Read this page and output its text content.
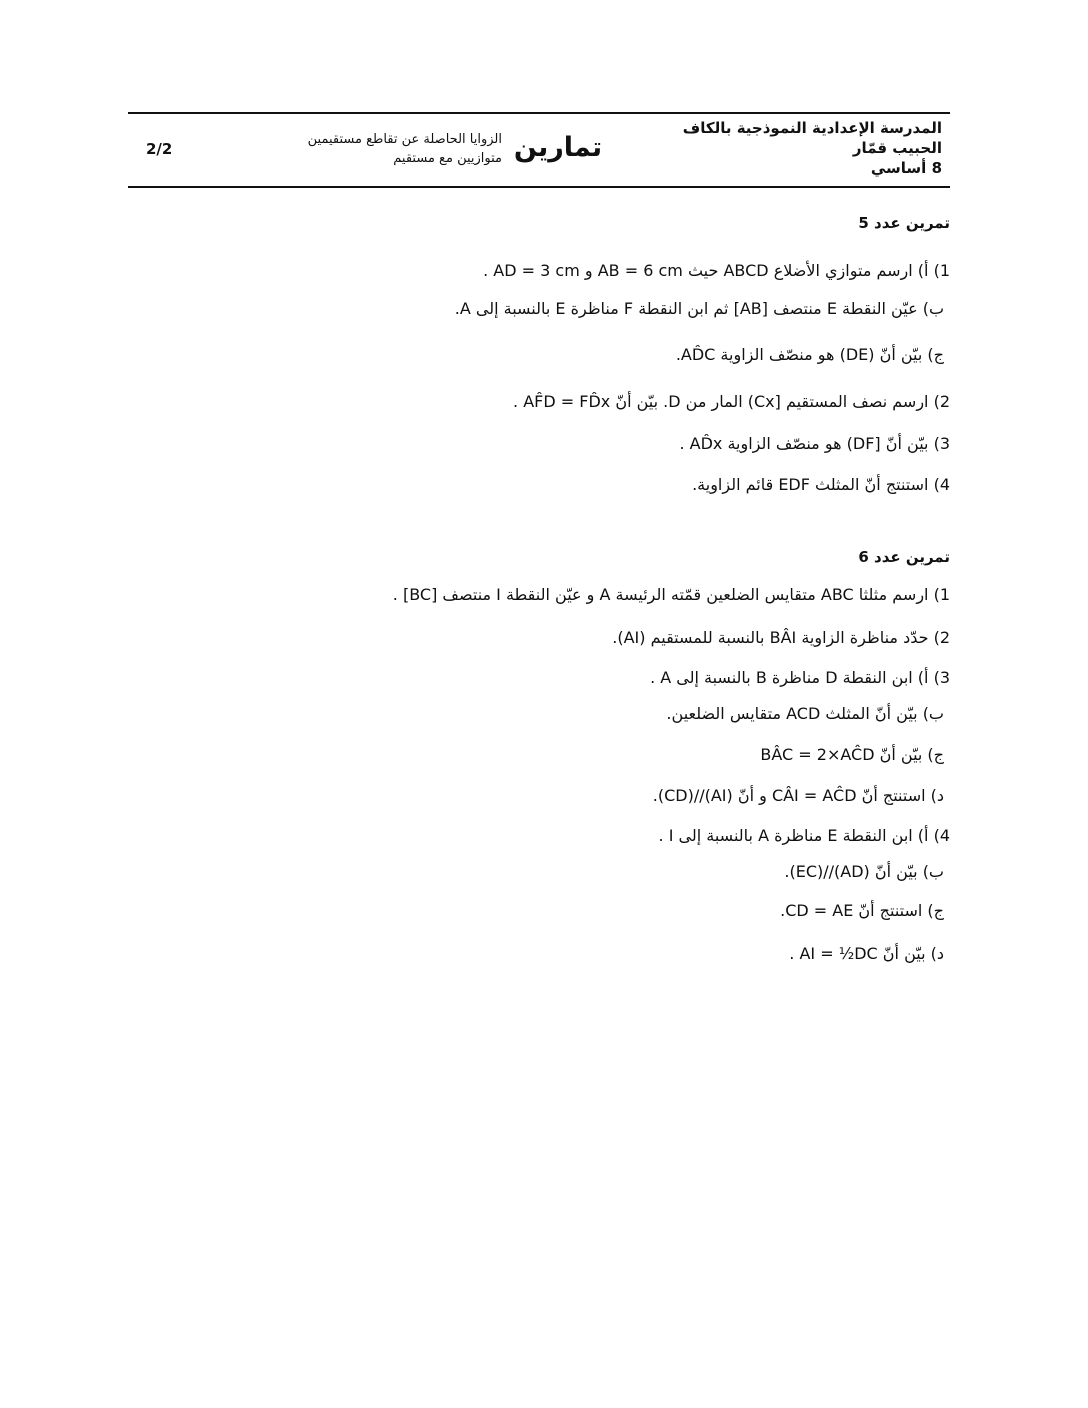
المدرسة الإعدادية النموذجية بالكاف
الحبيب قمّار
8 أساسي
تمارين
الزوايا الحاصلة عن تقاطع مستقيمين
متوازيين مع مستقيم
2/2
تمرين عدد 5
1) أ) ارسم متوازي الأضلاع ABCD حيث AB = 6 cm و AD = 3 cm .
ب) عيّن النقطة E منتصف [AB] ثم ابن النقطة F مناظرة E بالنسبة إلى A.
ج) بيّن أنّ (DE) هو منصّف الزاوية AD̂C.
2) ارسم نصف المستقيم [Cx) المار من D. بيّن أنّ AF̂D = FD̂x .
3) بيّن أنّ [DF) هو منصّف الزاوية AD̂x .
4) استنتج أنّ المثلث EDF قائم الزاوية.
تمرين عدد 6
1) ارسم مثلثا ABC متقايس الضلعين قمّته الرئيسة A و عيّن النقطة I منتصف [BC] .
2) حدّد مناظرة الزاوية BÂI بالنسبة للمستقيم (AI).
3) أ) ابن النقطة D مناظرة B بالنسبة إلى A .
ب) بيّن أنّ المثلث ACD متقايس الضلعين.
ج) بيّن أنّ BÂC = 2×AĈD
د) استنتج أنّ CÂI = AĈD و أنّ (AI)//(CD).
4) أ) ابن النقطة E مناظرة A بالنسبة إلى I .
ب) بيّن أنّ (AD)//(EC).
ج) استنتج أنّ CD = AE.
د) بيّن أنّ AI = ½DC .
